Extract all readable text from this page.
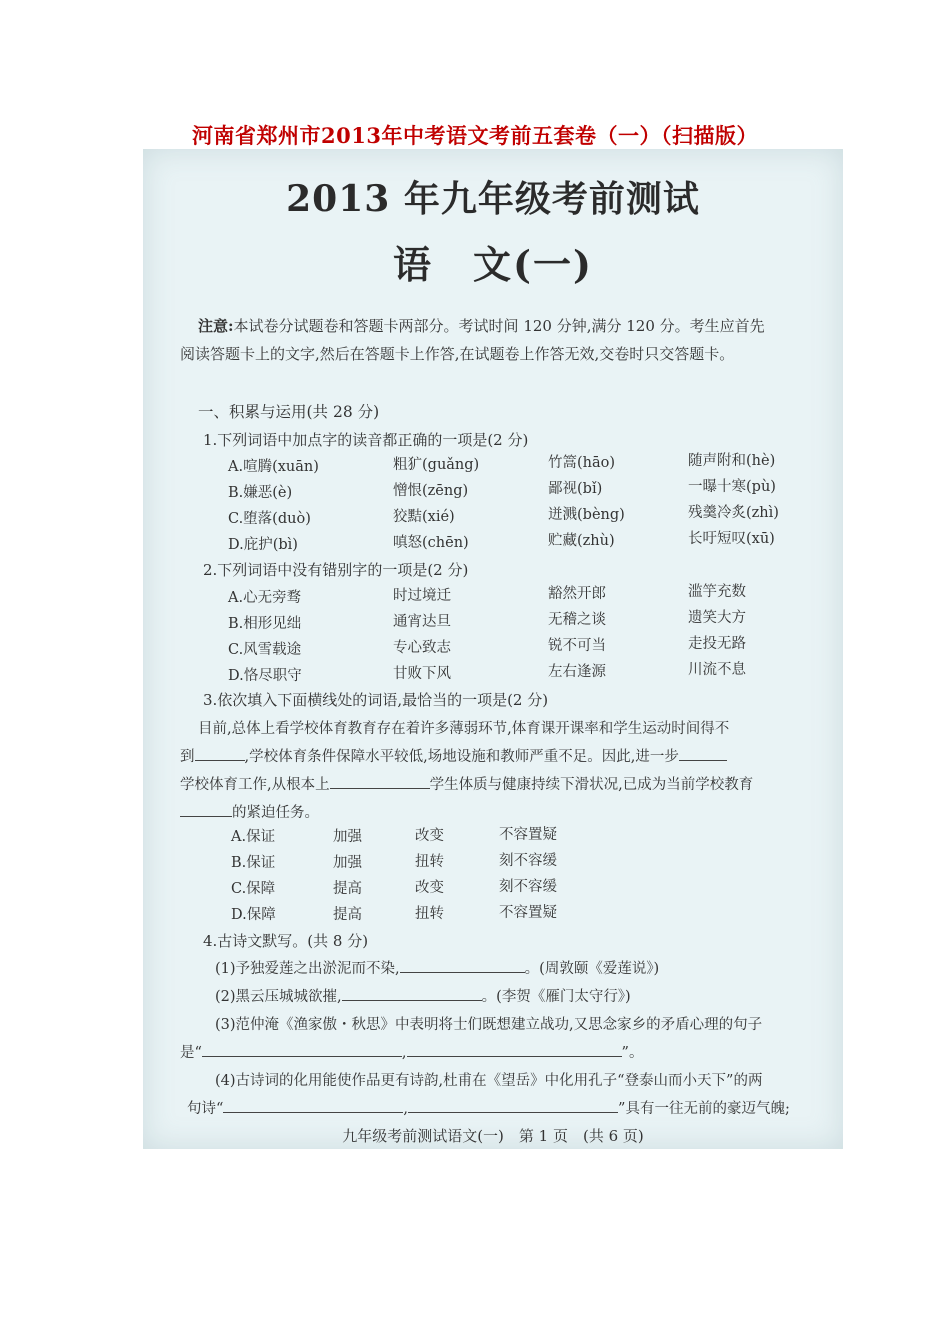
河南省郑州市2013年中考语文考前五套卷（一）（扫描版）
2013 年九年级考前测试
语　文(一)
注意:本试卷分试题卷和答题卡两部分。考试时间 120 分钟,满分 120 分。考生应首先
阅读答题卡上的文字,然后在答题卡上作答,在试题卷上作答无效,交卷时只交答题卡。
一、积累与运用(共 28 分)
1.下列词语中加点字的读音都正确的一项是(2 分)
A.喧腾(xuān)	粗犷(guǎng)	竹篙(hāo)	随声附和(hè)
B.嫌恶(è)	憎恨(zēng)	鄙视(bǐ)	一曝十寒(pù)
C.堕落(duò)	狡黠(xié)	迸溅(bèng)	残羹冷炙(zhì)
D.庇护(bì)	嗔怒(chēn)	贮藏(zhù)	长吁短叹(xū)
2.下列词语中没有错别字的一项是(2 分)
A.心无旁骛	时过境迁	豁然开郎	滥竽充数
B.相形见绌	通宵达旦	无稽之谈	遗笑大方
C.风雪载途	专心致志	锐不可当	走投无路
D.恪尽职守	甘败下风	左右逢源	川流不息
3.依次填入下面横线处的词语,最恰当的一项是(2 分)
目前,总体上看学校体育教育存在着许多薄弱环节,体育课开课率和学生运动时间得不
到	,学校体育条件保障水平较低,场地设施和教师严重不足。因此,进一步
学校体育工作,从根本上	学生体质与健康持续下滑状况,已成为当前学校教育
的紧迫任务。
A.保证	加强	改变	不容置疑
B.保证	加强	扭转	刻不容缓
C.保障	提高	改变	刻不容缓
D.保障	提高	扭转	不容置疑
4.古诗文默写。(共 8 分)
(1)予独爱莲之出淤泥而不染,	。(周敦颐《爱莲说》)
(2)黑云压城城欲摧,	。(李贺《雁门太守行》)
(3)范仲淹《渔家傲・秋思》中表明将士们既想建立战功,又思念家乡的矛盾心理的句子
是“	,	”。
(4)古诗词的化用能使作品更有诗韵,杜甫在《望岳》中化用孔子“登泰山而小天下”的两
句诗“	,	”具有一往无前的豪迈气魄;
九年级考前测试语文(一)　第 1 页　(共 6 页)
